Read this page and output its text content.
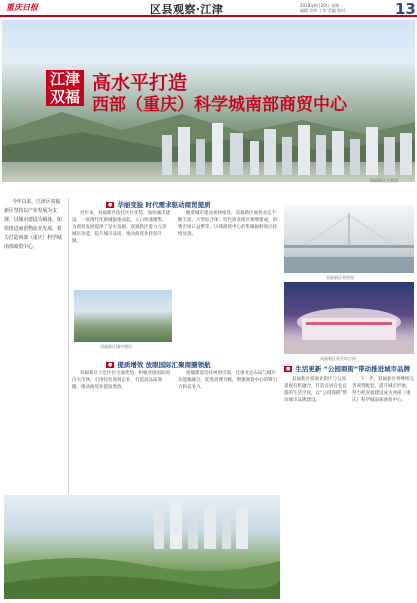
重庆日报	区县观察·江津	2018年8月20日 星期一
编辑 宣传 工作 美编 校对	13
江津
双福
高水平打造
西部（重庆）科学城南部商贸中心
双福新区全景图
今年以来，江津区双福新区坚持以产业发展为支撑、以城市建设为载体，加快推进商贸物流业发展，着力打造西部（重庆）科学城南部商贸中心。
● 华丽变脸 时代需求驱动商贸提质
近年来，双福新区依托区位优势，加快城市建设，一座现代化新城拔地而起，人口快速聚集，为商贸发展提供了坚实基础。双福新区着力完善城市功能，提升城市品质，推动商贸业转型升级。
随着城市建设加快推进，双福新区商贸业态不断丰富，大型综合体、特色商业街区相继建成，消费市场日益繁荣，区域商贸中心的集聚辐射效应持续显现。
双福新区城市建设
双福新区效果图
双福新区商业综合体
● 提质增效 放眼国际汇聚商圈领航
双福新区立足区位交通优势，积极对接国际国内大市场，引进知名商贸企业，打造高品质商圈，推动商贸业提质增效。
商圈建设坚持规划引领，注重业态布局与城市功能相融合，促进消费升级，增强商贸中心的吸引力和竞争力。
● 生活更新 “公园商街”带动推进城市品牌
双福新区将商业街区与公园景观有机融合，打造宜居宜业宜游的生活空间，以“公园商街”带动城市品牌建设。
下一步，双福新区将继续完善商贸配套，提升城市形象，努力把双福建设成为西部（重庆）科学城南部商贸中心。
双福新区城市风貌
